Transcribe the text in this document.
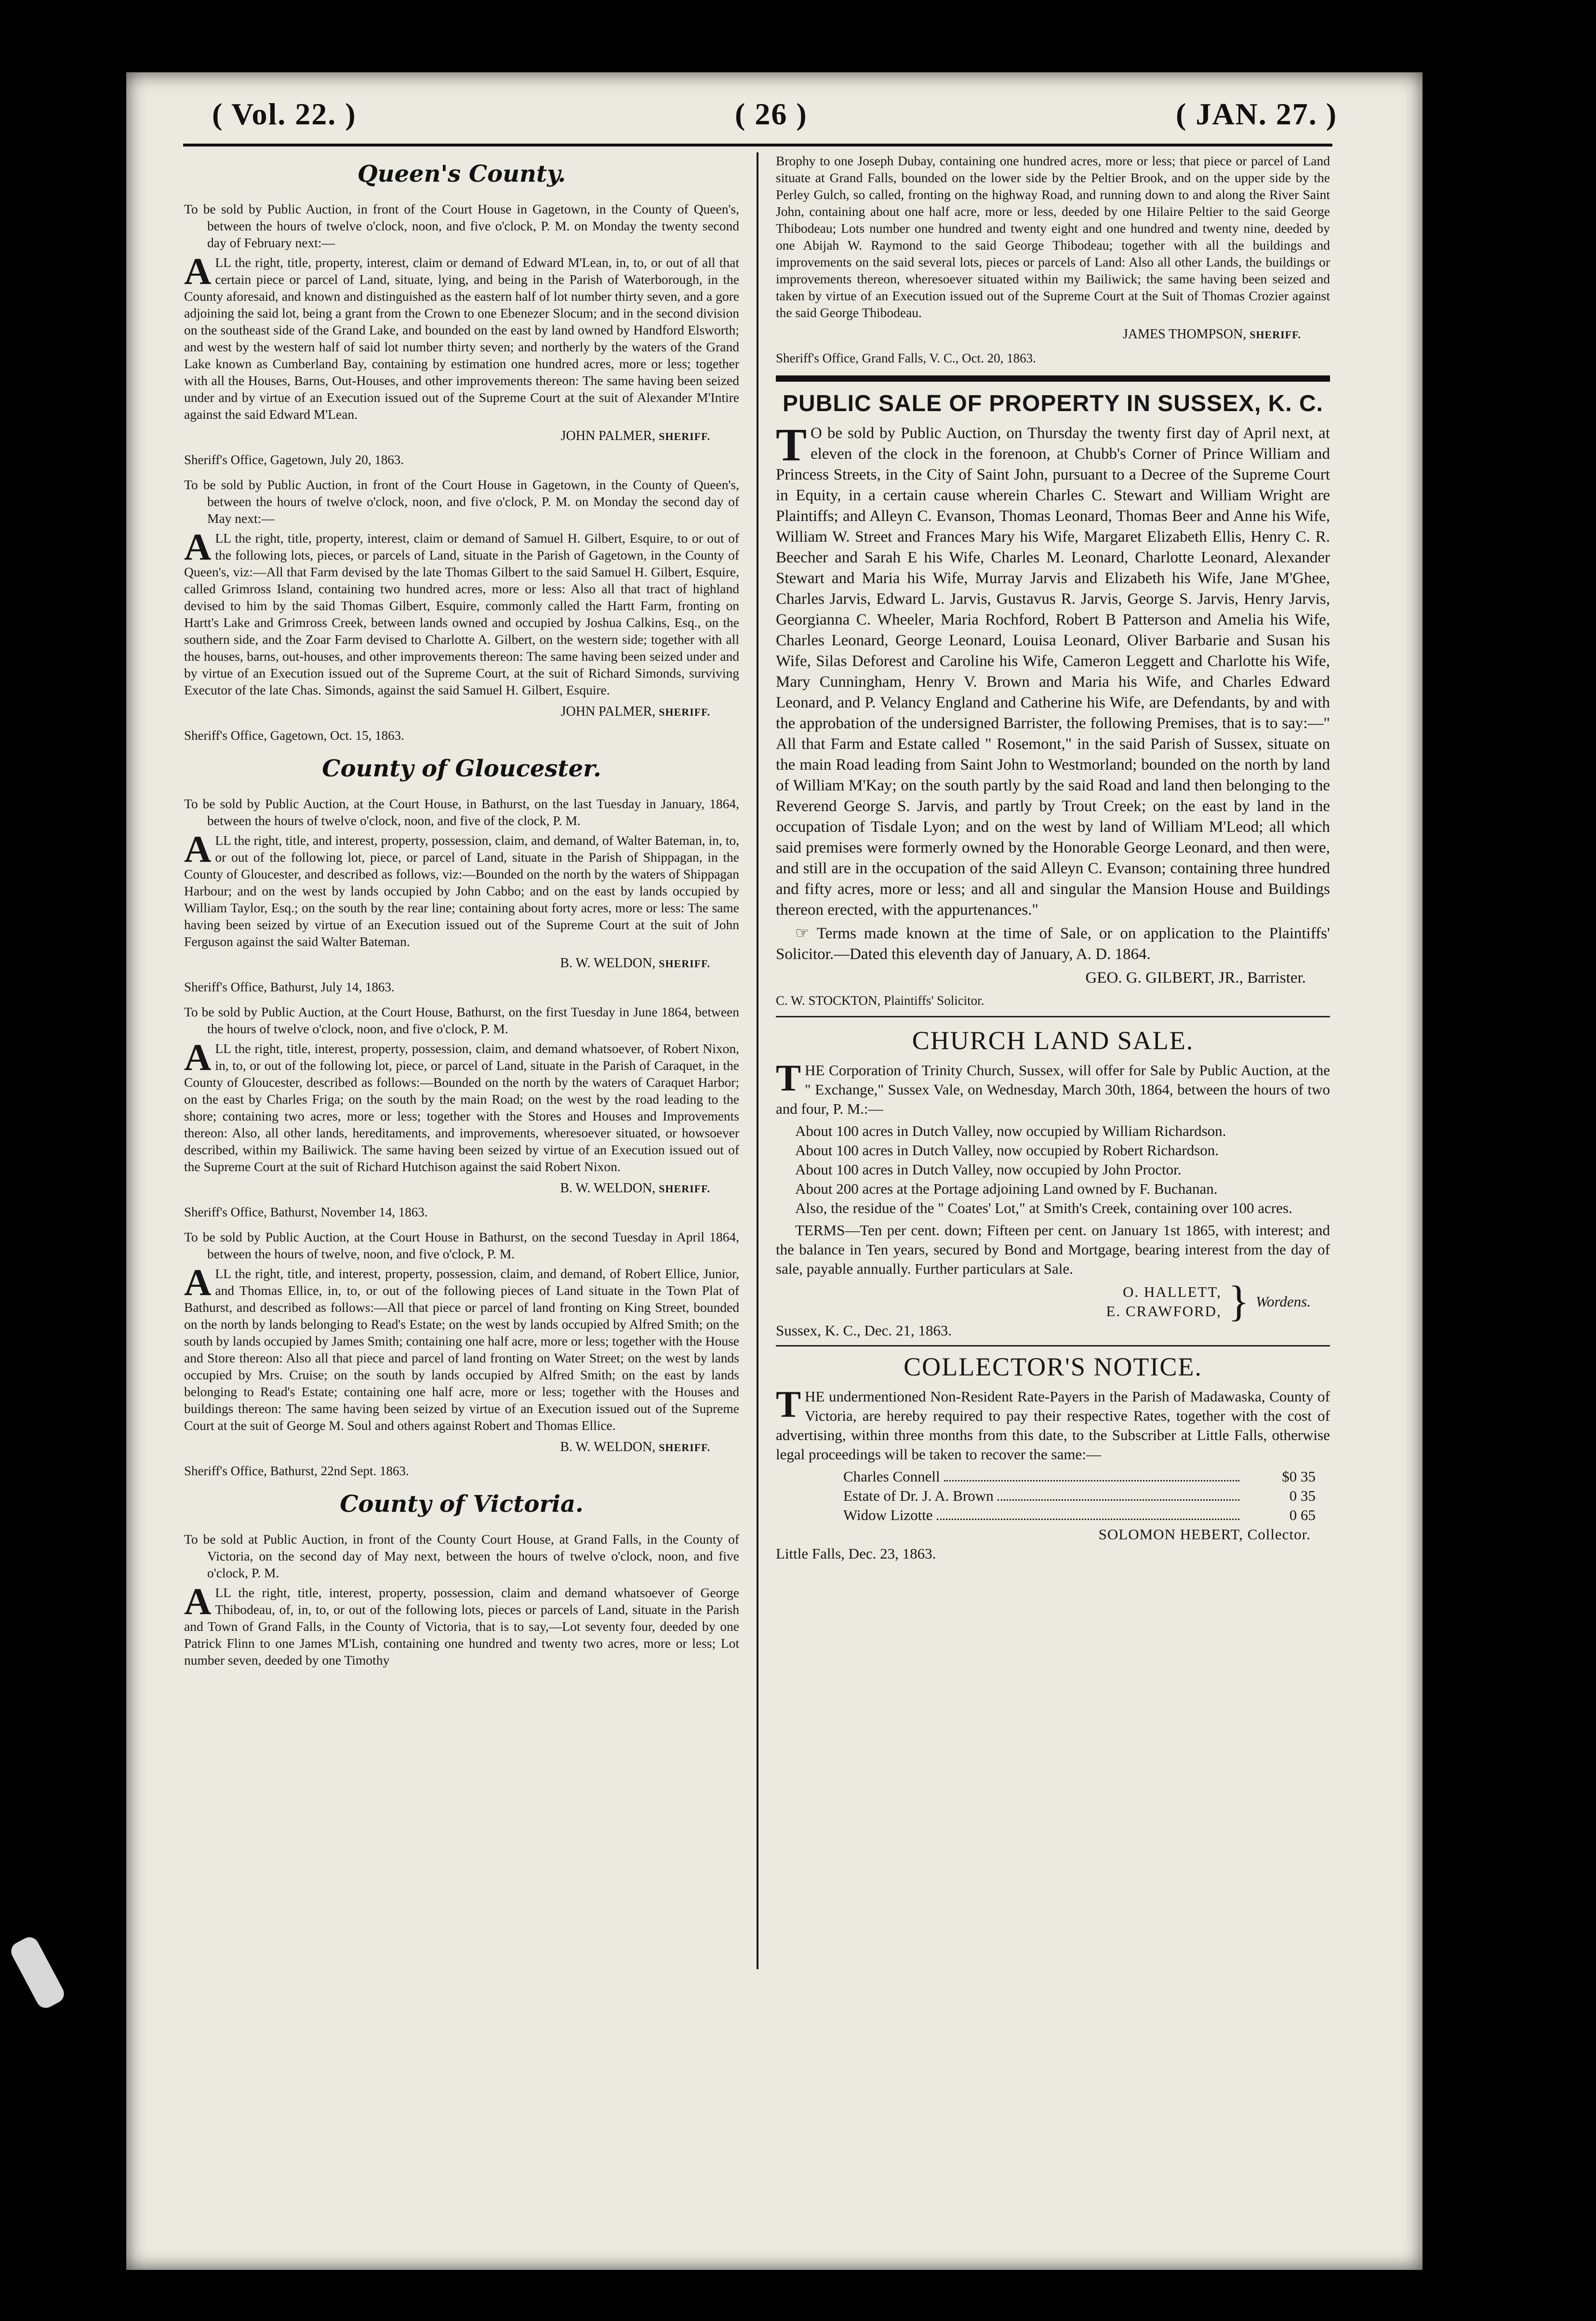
( Vol. 22. )	( 26 )	( JAN. 27. )
Queen's County.

To be sold by Public Auction, in front of the Court House in Gagetown, in the County of Queen's, between the hours of twelve o'clock, noon, and five o'clock, P. M. on Monday the twenty second day of February next:—

ALL the right, title, property, interest, claim or demand of Edward M'Lean, in, to, or out of all that certain piece or parcel of Land, situate, lying, and being in the Parish of Waterborough, in the County aforesaid, and known and distinguished as the eastern half of lot number thirty seven, and a gore adjoining the said lot, being a grant from the Crown to one Ebenezer Slocum; and in the second division on the southeast side of the Grand Lake, and bounded on the east by land owned by Handford Elsworth; and west by the western half of said lot number thirty seven; and northerly by the waters of the Grand Lake known as Cumberland Bay, containing by estimation one hundred acres, more or less; together with all the Houses, Barns, Out-Houses, and other improvements thereon: The same having been seized under and by virtue of an Execution issued out of the Supreme Court at the suit of Alexander M'Intire against the said Edward M'Lean.

JOHN PALMER, SHERIFF.
Sheriff's Office, Gagetown, July 20, 1863.

To be sold by Public Auction, in front of the Court House in Gagetown, in the County of Queen's, between the hours of twelve o'clock, noon, and five o'clock, P. M. on Monday the second day of May next:—

ALL the right, title, property, interest, claim or demand of Samuel H. Gilbert, Esquire, to or out of the following lots, pieces, or parcels of Land, situate in the Parish of Gagetown, in the County of Queen's, viz:—All that Farm devised by the late Thomas Gilbert to the said Samuel H. Gilbert, Esquire, called Grimross Island, containing two hundred acres, more or less: Also all that tract of highland devised to him by the said Thomas Gilbert, Esquire, commonly called the Hartt Farm, fronting on Hartt's Lake and Grimross Creek, between lands owned and occupied by Joshua Calkins, Esq., on the southern side, and the Zoar Farm devised to Charlotte A. Gilbert, on the western side; together with all the houses, barns, out-houses, and other improvements thereon: The same having been seized under and by virtue of an Execution issued out of the Supreme Court, at the suit of Richard Simonds, surviving Executor of the late Chas. Simonds, against the said Samuel H. Gilbert, Esquire.

JOHN PALMER, SHERIFF.
Sheriff's Office, Gagetown, Oct. 15, 1863.
County of Gloucester.

To be sold by Public Auction, at the Court House, in Bathurst, on the last Tuesday in January, 1864, between the hours of twelve o'clock, noon, and five of the clock, P. M.

ALL the right, title, and interest, property, possession, claim, and demand, of Walter Bateman, in, to, or out of the following lot, piece, or parcel of Land, situate in the Parish of Shippagan, in the County of Gloucester, and described as follows, viz:—Bounded on the north by the waters of Shippagan Harbour; and on the west by lands occupied by John Cabbo; and on the east by lands occupied by William Taylor, Esq.; on the south by the rear line; containing about forty acres, more or less: The same having been seized by virtue of an Execution issued out of the Supreme Court at the suit of John Ferguson against the said Walter Bateman.

B. W. WELDON, SHERIFF.
Sheriff's Office, Bathurst, July 14, 1863.

To be sold by Public Auction, at the Court House, Bathurst, on the first Tuesday in June 1864, between the hours of twelve o'clock, noon, and five o'clock, P. M.

ALL the right, title, interest, property, possession, claim, and demand whatsoever, of Robert Nixon, in, to, or out of the following lot, piece, or parcel of Land, situate in the Parish of Caraquet, in the County of Gloucester, described as follows:—Bounded on the north by the waters of Caraquet Harbor; on the east by Charles Friga; on the south by the main Road; on the west by the road leading to the shore; containing two acres, more or less; together with the Stores and Houses and Improvements thereon: Also, all other lands, hereditaments, and improvements, wheresoever situated, or howsoever described, within my Bailiwick. The same having been seized by virtue of an Execution issued out of the Supreme Court at the suit of Richard Hutchison against the said Robert Nixon.

B. W. WELDON, SHERIFF.
Sheriff's Office, Bathurst, November 14, 1863.

To be sold by Public Auction, at the Court House in Bathurst, on the second Tuesday in April 1864, between the hours of twelve, noon, and five o'clock, P. M.

ALL the right, title, and interest, property, possession, claim, and demand, of Robert Ellice, Junior, and Thomas Ellice, in, to, or out of the following pieces of Land situate in the Town Plat of Bathurst, and described as follows:—All that piece or parcel of land fronting on King Street, bounded on the north by lands belonging to Read's Estate; on the west by lands occupied by Alfred Smith; on the south by lands occupied by James Smith; containing one half acre, more or less; together with the House and Store thereon: Also all that piece and parcel of land fronting on Water Street; on the west by lands occupied by Mrs. Cruise; on the south by lands occupied by Alfred Smith; on the east by lands belonging to Read's Estate; containing one half acre, more or less; together with the Houses and buildings thereon: The same having been seized by virtue of an Execution issued out of the Supreme Court at the suit of George M. Soul and others against Robert and Thomas Ellice.

B. W. WELDON, SHERIFF.
Sheriff's Office, Bathurst, 22nd Sept. 1863.
County of Victoria.

To be sold at Public Auction, in front of the County Court House, at Grand Falls, in the County of Victoria, on the second day of May next, between the hours of twelve o'clock, noon, and five o'clock, P. M.

ALL the right, title, interest, property, possession, claim and demand whatsoever of George Thibodeau, of, in, to, or out of the following lots, pieces or parcels of Land, situate in the Parish and Town of Grand Falls, in the County of Victoria, that is to say,—Lot seventy four, deeded by one Patrick Flinn to one James M'Lish, containing one hundred and twenty two acres, more or less; Lot number seven, deeded by one Timothy

Brophy to one Joseph Dubay, containing one hundred acres, more or less; that piece or parcel of Land situate at Grand Falls, bounded on the lower side by the Peltier Brook, and on the upper side by the Perley Gulch, so called, fronting on the highway Road, and running down to and along the River Saint John, containing about one half acre, more or less, deeded by one Hilaire Peltier to the said George Thibodeau; Lots number one hundred and twenty eight and one hundred and twenty nine, deeded by one Abijah W. Raymond to the said George Thibodeau; together with all the buildings and improvements on the said several lots, pieces or parcels of Land: Also all other Lands, the buildings or improvements thereon, wheresoever situated within my Bailiwick; the same having been seized and taken by virtue of an Execution issued out of the Supreme Court at the Suit of Thomas Crozier against the said George Thibodeau.

JAMES THOMPSON, SHERIFF.
Sheriff's Office, Grand Falls, V. C., Oct. 20, 1863.
PUBLIC SALE OF PROPERTY IN SUSSEX, K. C.

TO be sold by Public Auction, on Thursday the twenty first day of April next, at eleven of the clock in the forenoon, at Chubb's Corner of Prince William and Princess Streets, in the City of Saint John, pursuant to a Decree of the Supreme Court in Equity, in a certain cause wherein Charles C. Stewart and William Wright are Plaintiffs; and Alleyn C. Evanson, Thomas Leonard, Thomas Beer and Anne his Wife, William W. Street and Frances Mary his Wife, Margaret Elizabeth Ellis, Henry C. R. Beecher and Sarah E his Wife, Charles M. Leonard, Charlotte Leonard, Alexander Stewart and Maria his Wife, Murray Jarvis and Elizabeth his Wife, Jane M'Ghee, Charles Jarvis, Edward L. Jarvis, Gustavus R. Jarvis, George S. Jarvis, Henry Jarvis, Georgianna C. Wheeler, Maria Rochford, Robert B Patterson and Amelia his Wife, Charles Leonard, George Leonard, Louisa Leonard, Oliver Barbarie and Susan his Wife, Silas Deforest and Caroline his Wife, Cameron Leggett and Charlotte his Wife, Mary Cunningham, Henry V. Brown and Maria his Wife, and Charles Edward Leonard, and P. Velancy England and Catherine his Wife, are Defendants, by and with the approbation of the undersigned Barrister, the following Premises, that is to say:—" All that Farm and Estate called " Rosemont," in the said Parish of Sussex, situate on the main Road leading from Saint John to Westmorland; bounded on the north by land of William M'Kay; on the south partly by the said Road and land then belonging to the Reverend George S. Jarvis, and partly by Trout Creek; on the east by land in the occupation of Tisdale Lyon; and on the west by land of William M'Leod; all which said premises were formerly owned by the Honorable George Leonard, and then were, and still are in the occupation of the said Alleyn C. Evanson; containing three hundred and fifty acres, more or less; and all and singular the Mansion House and Buildings thereon erected, with the appurtenances."

☞ Terms made known at the time of Sale, or on application to the Plaintiffs' Solicitor.—Dated this eleventh day of January, A. D. 1864.

GEO. G. GILBERT, JR., Barrister.
C. W. STOCKTON, Plaintiffs' Solicitor.
CHURCH LAND SALE.

THE Corporation of Trinity Church, Sussex, will offer for Sale by Public Auction, at the " Exchange," Sussex Vale, on Wednesday, March 30th, 1864, between the hours of two and four, P. M.:—

About 100 acres in Dutch Valley, now occupied by William Richardson.

About 100 acres in Dutch Valley, now occupied by Robert Richardson.

About 100 acres in Dutch Valley, now occupied by John Proctor.

About 200 acres at the Portage adjoining Land owned by F. Buchanan.

Also, the residue of the " Coates' Lot," at Smith's Creek, containing over 100 acres.

TERMS—Ten per cent. down; Fifteen per cent. on January 1st 1865, with interest; and the balance in Ten years, secured by Bond and Mortgage, bearing interest from the day of sale, payable annually. Further particulars at Sale.

O. HALLETT,
E. CRAWFORD, } Wordens.
Sussex, K. C., Dec. 21, 1863.
COLLECTOR'S NOTICE.

THE undermentioned Non-Resident Rate-Payers in the Parish of Madawaska, County of Victoria, are hereby required to pay their respective Rates, together with the cost of advertising, within three months from this date, to the Subscriber at Little Falls, otherwise legal proceedings will be taken to recover the same:—

Charles Connell	$0 35
Estate of Dr. J. A. Brown	0 35
Widow Lizotte	0 65
SOLOMON HEBERT, Collector.
Little Falls, Dec. 23, 1863.
